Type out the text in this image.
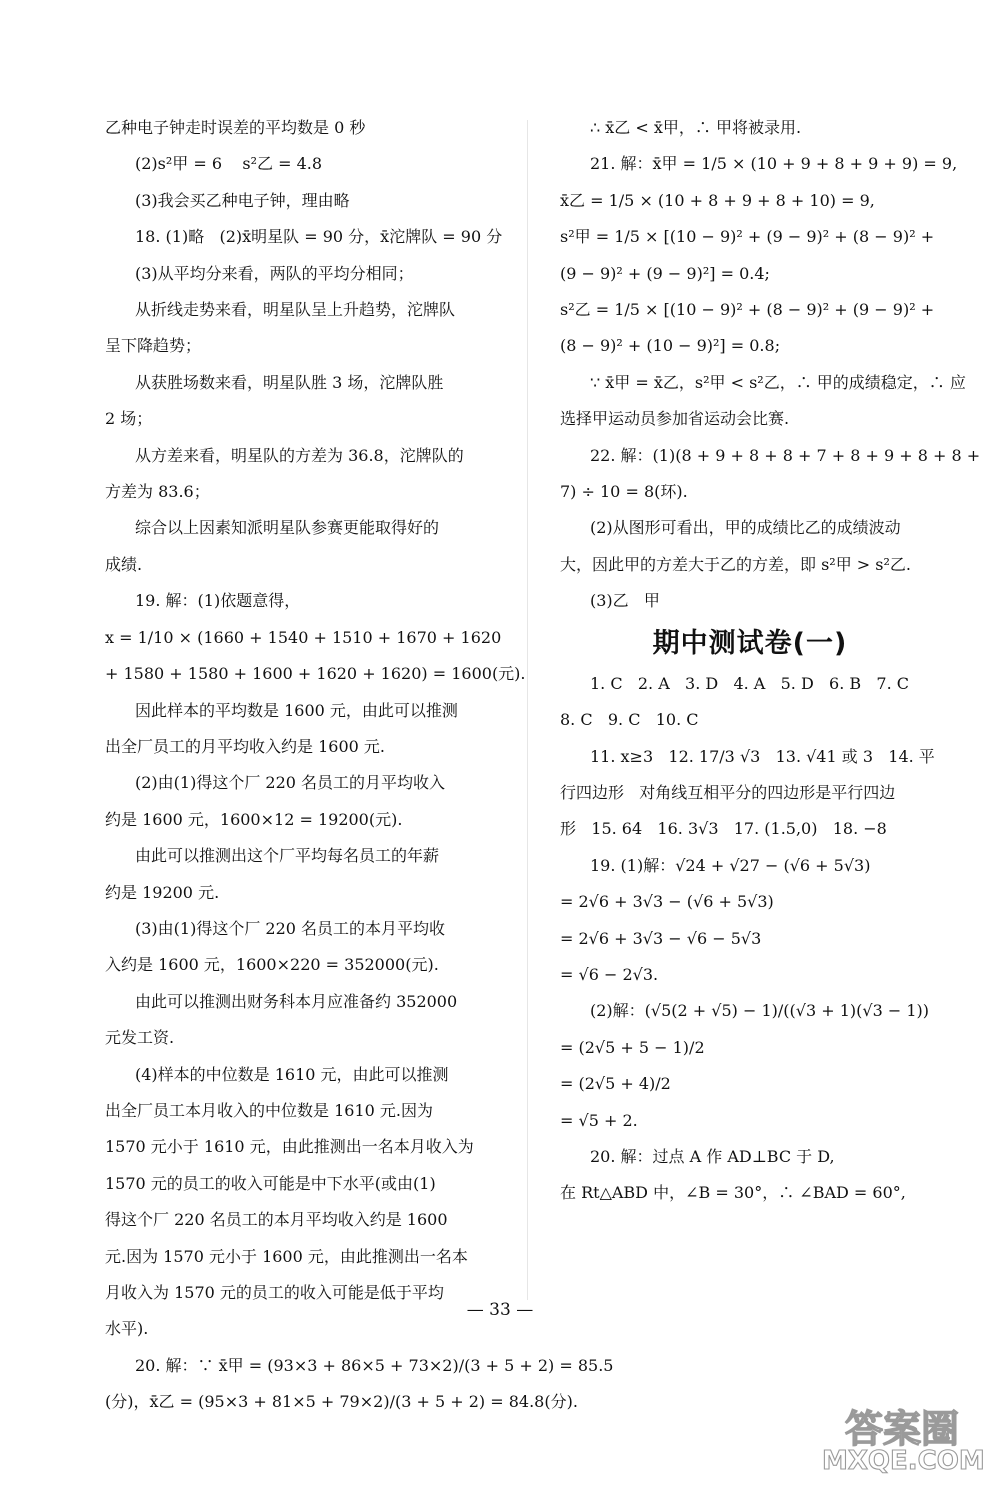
乙种电子钟走时误差的平均数是 0 秒
(2)s²甲 = 6    s²乙 = 4.8
(3)我会买乙种电子钟，理由略
18. (1)略   (2)x̄明星队 = 90 分，x̄沱牌队 = 90 分
(3)从平均分来看，两队的平均分相同；
从折线走势来看，明星队呈上升趋势，沱牌队
呈下降趋势；
从获胜场数来看，明星队胜 3 场，沱牌队胜
2 场；
从方差来看，明星队的方差为 36.8，沱牌队的
方差为 83.6；
综合以上因素知派明星队参赛更能取得好的
成绩.
19. 解：(1)依题意得，
x = 1/10 × (1660 + 1540 + 1510 + 1670 + 1620
+ 1580 + 1580 + 1600 + 1620 + 1620) = 1600(元).
因此样本的平均数是 1600 元，由此可以推测
出全厂员工的月平均收入约是 1600 元.
(2)由(1)得这个厂 220 名员工的月平均收入
约是 1600 元，1600×12 = 19200(元).
由此可以推测出这个厂平均每名员工的年薪
约是 19200 元.
(3)由(1)得这个厂 220 名员工的本月平均收
入约是 1600 元，1600×220 = 352000(元).
由此可以推测出财务科本月应准备约 352000
元发工资.
(4)样本的中位数是 1610 元，由此可以推测
出全厂员工本月收入的中位数是 1610 元.因为
1570 元小于 1610 元，由此推测出一名本月收入为
1570 元的员工的收入可能是中下水平(或由(1)
得这个厂 220 名员工的本月平均收入约是 1600
元.因为 1570 元小于 1600 元，由此推测出一名本
月收入为 1570 元的员工的收入可能是低于平均
水平).
20. 解：∵ x̄甲 = (93×3 + 86×5 + 73×2)/(3 + 5 + 2) = 85.5
(分)，x̄乙 = (95×3 + 81×5 + 79×2)/(3 + 5 + 2) = 84.8(分).
∴ x̄乙 < x̄甲，∴ 甲将被录用.
21. 解：x̄甲 = 1/5 × (10 + 9 + 8 + 9 + 9) = 9,
x̄乙 = 1/5 × (10 + 8 + 9 + 8 + 10) = 9,
s²甲 = 1/5 × [(10 − 9)² + (9 − 9)² + (8 − 9)² +
(9 − 9)² + (9 − 9)²] = 0.4;
s²乙 = 1/5 × [(10 − 9)² + (8 − 9)² + (9 − 9)² +
(8 − 9)² + (10 − 9)²] = 0.8;
∵ x̄甲 = x̄乙，s²甲 < s²乙，∴ 甲的成绩稳定，∴ 应
选择甲运动员参加省运动会比赛.
22. 解：(1)(8 + 9 + 8 + 8 + 7 + 8 + 9 + 8 + 8 +
7) ÷ 10 = 8(环).
(2)从图形可看出，甲的成绩比乙的成绩波动
大，因此甲的方差大于乙的方差，即 s²甲 > s²乙.
(3)乙   甲
期中测试卷(一)
1. C   2. A   3. D   4. A   5. D   6. B   7. C
8. C   9. C   10. C
11. x≥3   12. 17/3 √3   13. √41 或 3   14. 平
行四边形   对角线互相平分的四边形是平行四边
形   15. 64   16. 3√3   17. (1.5,0)   18. −8
19. (1)解：√24 + √27 − (√6 + 5√3)
= 2√6 + 3√3 − (√6 + 5√3)
= 2√6 + 3√3 − √6 − 5√3
= √6 − 2√3.
(2)解：(√5(2 + √5) − 1)/((√3 + 1)(√3 − 1))
= (2√5 + 5 − 1)/2
= (2√5 + 4)/2
= √5 + 2.
20. 解：过点 A 作 AD⊥BC 于 D,
在 Rt△ABD 中，∠B = 30°，∴ ∠BAD = 60°,
— 33 —
答案圈
MXQE.COM
